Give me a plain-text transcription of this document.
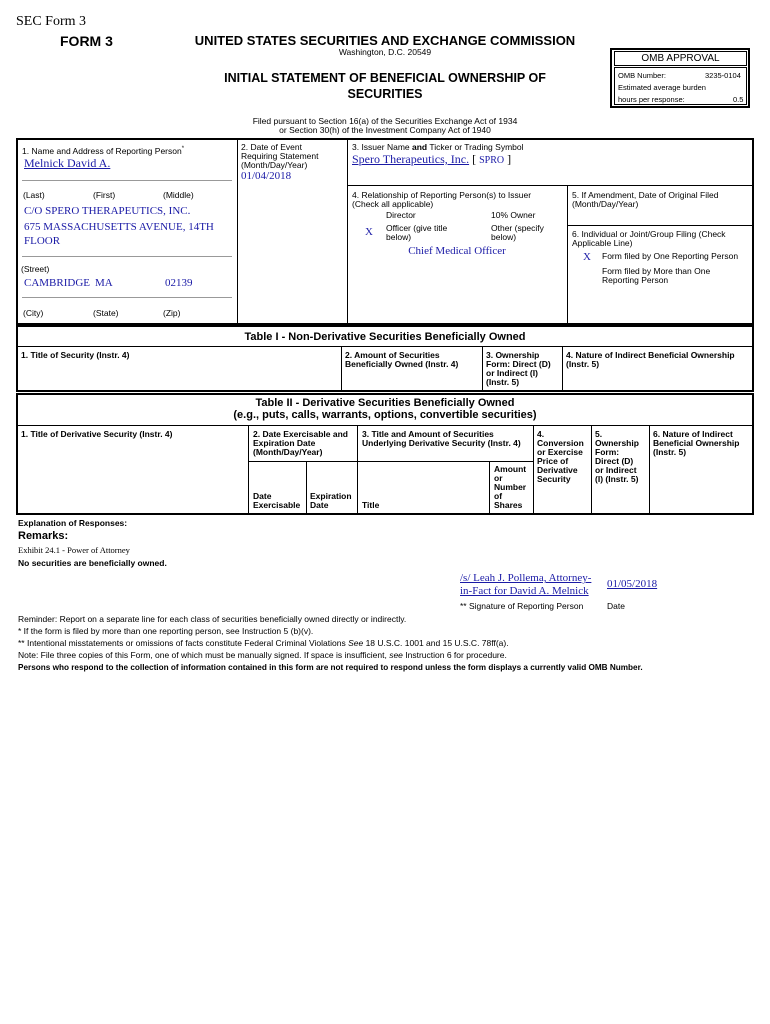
SEC Form 3
FORM 3	UNITED STATES SECURITIES AND EXCHANGE COMMISSION
Washington, D.C. 20549
INITIAL STATEMENT OF BENEFICIAL OWNERSHIP OF
SECURITIES
Filed pursuant to Section 16(a) of the Securities Exchange Act of 1934
or Section 30(h) of the Investment Company Act of 1940
OMB APPROVAL
OMB Number:	3235-0104
Estimated average burden
hours per response:	0.5
1. Name and Address of Reporting Person*
Melnick David A.
(Last)	(First)	(Middle)
C/O SPERO THERAPEUTICS, INC.
675 MASSACHUSETTS AVENUE, 14TH
FLOOR
(Street)
CAMBRIDGE MA	02139
(City)	(State)	(Zip)
2. Date of Event
Requiring Statement
(Month/Day/Year)
01/04/2018
3. Issuer Name and Ticker or Trading Symbol
Spero Therapeutics, Inc. [ SPRO ]
4. Relationship of Reporting Person(s) to Issuer
(Check all applicable)
Director	10% Owner
X Officer (give title
below)
Other (specify
below)
Chief Medical Officer
5. If Amendment, Date of Original Filed
(Month/Day/Year)
6. Individual or Joint/Group Filing (Check
Applicable Line)
X Form filed by One Reporting Person
Form filed by More than One
Reporting Person
Table I - Non-Derivative Securities Beneficially Owned
1. Title of Security (Instr. 4)	2. Amount of Securities
Beneficially Owned (Instr. 4)
3. Ownership
Form: Direct (D)
or Indirect (I)
(Instr. 5)
4. Nature of Indirect Beneficial Ownership
(Instr. 5)
Table II - Derivative Securities Beneficially Owned
(e.g., puts, calls, warrants, options, convertible securities)
1. Title of Derivative Security (Instr. 4)	2. Date Exercisable and
Expiration Date
(Month/Day/Year)
3. Title and Amount of Securities
Underlying Derivative Security (Instr. 4)
4.
Conversion
or Exercise
Price of
Derivative
Security
5.
Ownership
Form:
Direct (D)
or Indirect
(I) (Instr. 5)
6. Nature of Indirect
Beneficial Ownership
(Instr. 5)
Date
Exercisable
Expiration
Date	Title
Amount
or
Number
of
Shares
Explanation of Responses:
Remarks:
Exhibit 24.1 - Power of Attorney
No securities are beneficially owned.
/s/ Leah J. Pollema, Attorney-
in-Fact for David A. Melnick
01/05/2018
** Signature of Reporting Person	Date
Reminder: Report on a separate line for each class of securities beneficially owned directly or indirectly.
* If the form is filed by more than one reporting person, see Instruction 5 (b)(v).
** Intentional misstatements or omissions of facts constitute Federal Criminal Violations See 18 U.S.C. 1001 and 15 U.S.C. 78ff(a).
Note: File three copies of this Form, one of which must be manually signed. If space is insufficient, see Instruction 6 for procedure.
Persons who respond to the collection of information contained in this form are not required to respond unless the form displays a currently valid OMB Number.
